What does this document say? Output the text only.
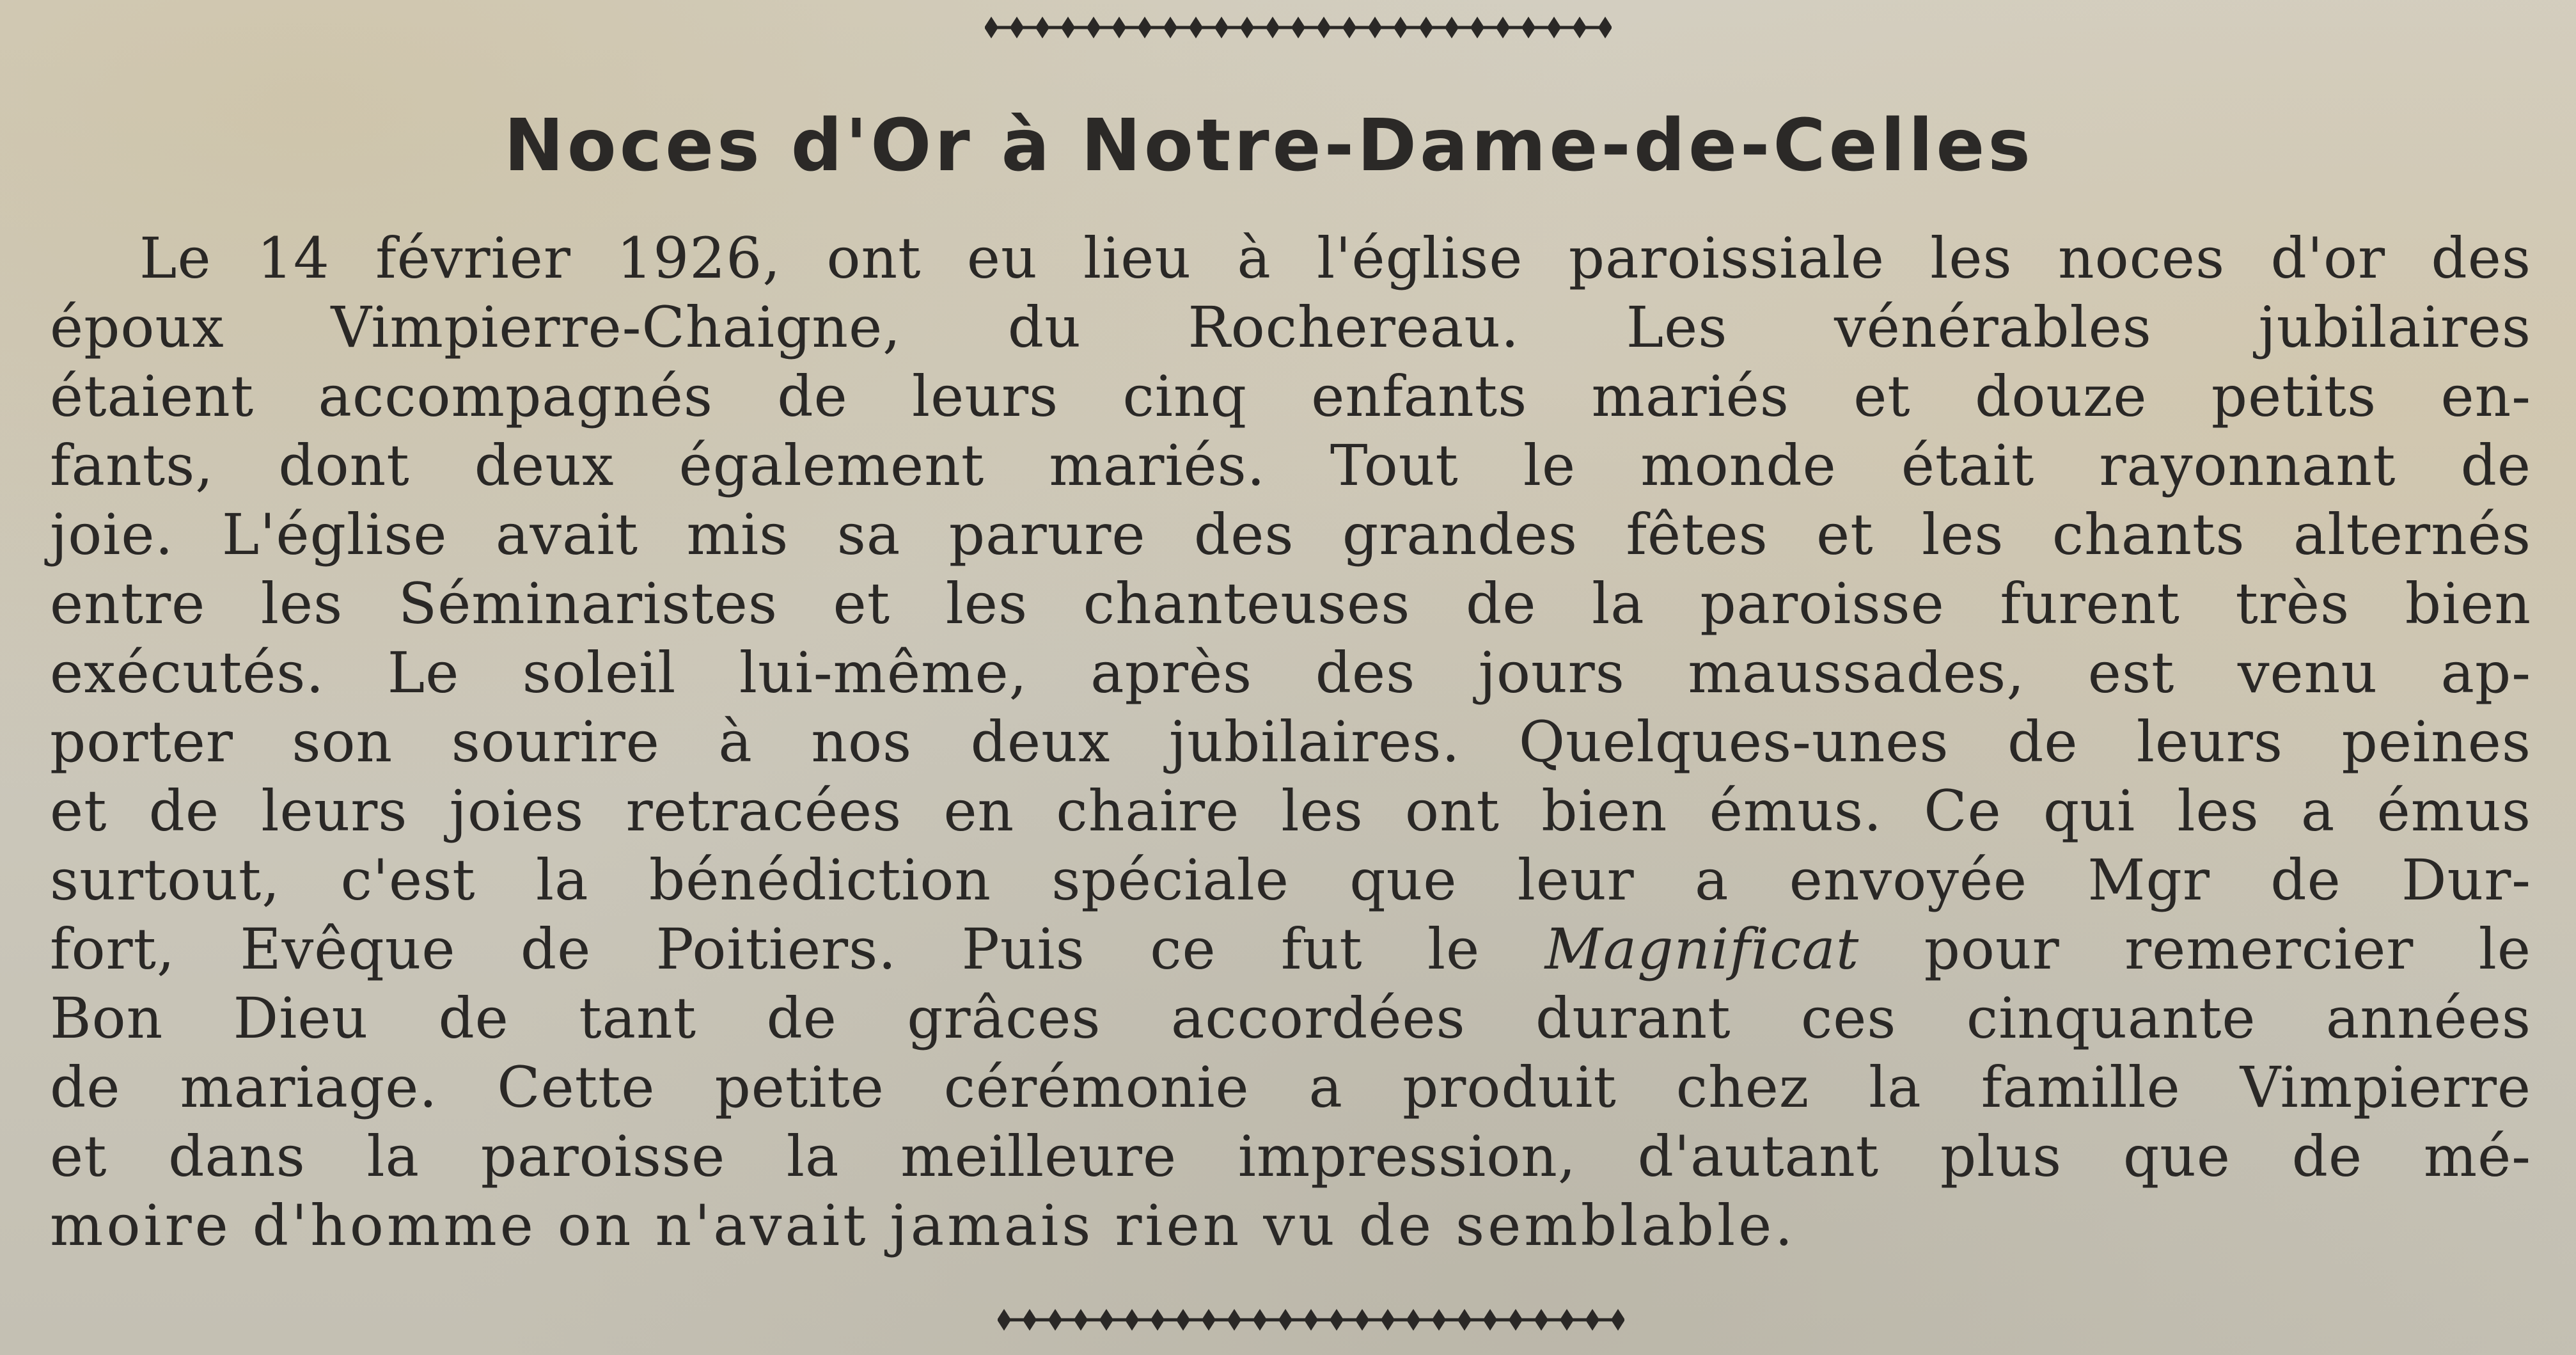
Noces d'Or à Notre-Dame-de-Celles
Le 14 février 1926, ont eu lieu à l'église paroissiale les noces d'or des
époux Vimpierre-Chaigne, du Rochereau. Les vénérables jubilaires
étaient accompagnés de leurs cinq enfants mariés et douze petits en-
fants, dont deux également mariés. Tout le monde était rayonnant de
joie. L'église avait mis sa parure des grandes fêtes et les chants alternés
entre les Séminaristes et les chanteuses de la paroisse furent très bien
exécutés. Le soleil lui-même, après des jours maussades, est venu ap-
porter son sourire à nos deux jubilaires. Quelques-unes de leurs peines
et de leurs joies retracées en chaire les ont bien émus. Ce qui les a émus
surtout, c'est la bénédiction spéciale que leur a envoyée Mgr de Dur-
fort, Evêque de Poitiers. Puis ce fut le Magnificat pour remercier le
Bon Dieu de tant de grâces accordées durant ces cinquante années
de mariage. Cette petite cérémonie a produit chez la famille Vimpierre
et dans la paroisse la meilleure impression, d'autant plus que de mé-
moire d'homme on n'avait jamais rien vu de semblable.
